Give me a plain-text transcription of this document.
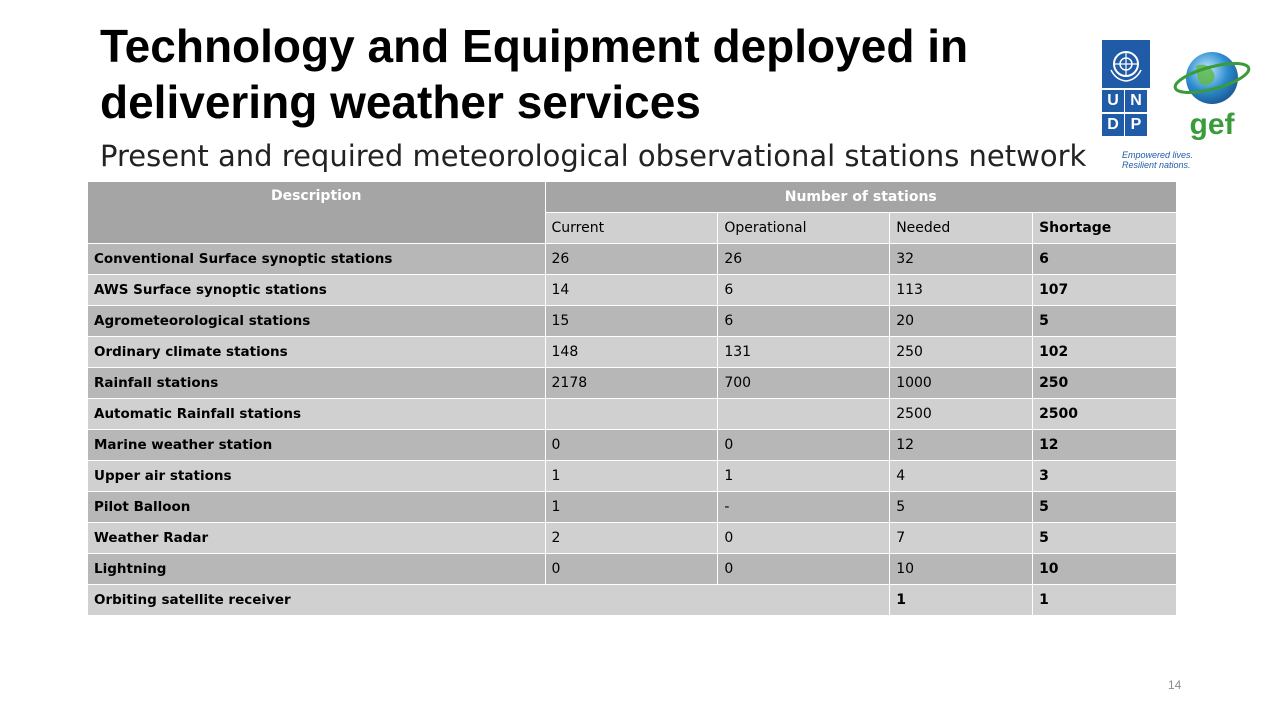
Technology and Equipment deployed in delivering weather services
Present and required meteorological observational stations network
U N
D P
Empowered lives.
Resilient nations.
gef
Description	Number of stations			
	Current	Operational	Needed	Shortage
Conventional Surface synoptic stations	26	26	32	6
AWS Surface synoptic stations	14	6	113	107
Agrometeorological stations	15	6	20	5
Ordinary climate stations	148	131	250	102
Rainfall stations	2178	700	1000	250
Automatic Rainfall stations			2500	2500
Marine weather station	0	0	12	12
Upper air stations	1	1	4	3
Pilot Balloon	1	-	5	5
Weather Radar	2	0	7	5
Lightning	0	0	10	10
Orbiting satellite receiver			1	1
14
